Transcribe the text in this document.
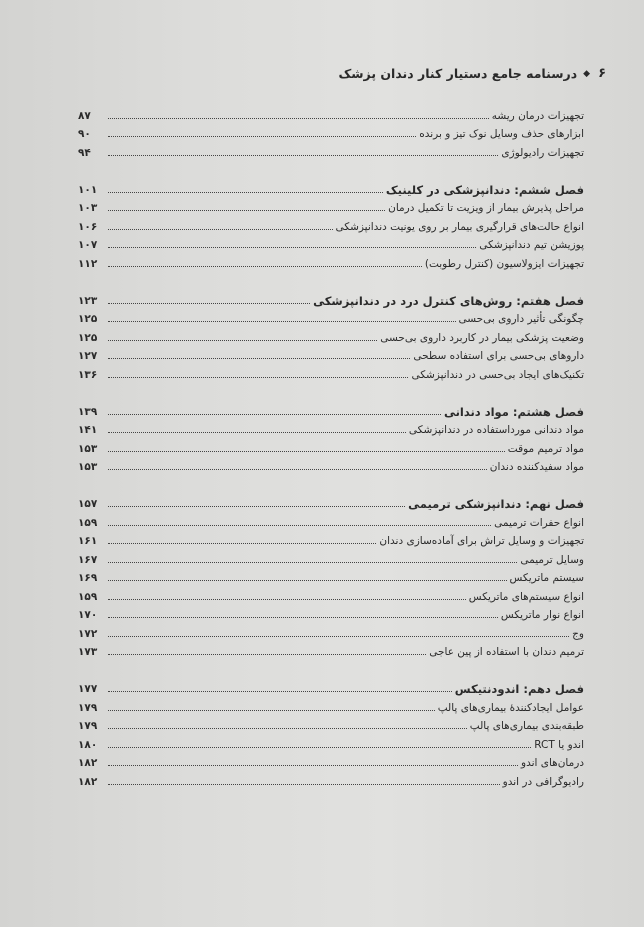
۶
◆
درسنامه جامع دستیار کنار دندان پزشک
تجهیزات درمان ریشه
۸۷
ابزارهای حذف وسایل نوک تیز و برنده
۹۰
تجهیزات رادیولوژی
۹۴
فصل ششم: دندانپزشکی در کلینیک
۱۰۱
مراحل پذیرش بیمار از ویزیت تا تکمیل درمان
۱۰۳
انواع حالت‌های قرارگیری بیمار بر روی یونیت دندانپزشکی
۱۰۶
پوزیشن تیم دندانپزشکی
۱۰۷
تجهیزات ایزولاسیون (کنترل رطوبت)
۱۱۲
فصل هفتم: روش‌های کنترل درد در دندانپزشکی
۱۲۳
چگونگی تأثیر داروی بی‌حسی
۱۲۵
وضعیت پزشکی بیمار در کاربرد داروی بی‌حسی
۱۲۵
داروهای بی‌حسی برای استفاده سطحی
۱۲۷
تکنیک‌های ایجاد بی‌حسی در دندانپزشکی
۱۳۶
فصل هشتم: مواد دندانی
۱۳۹
مواد دندانی مورداستفاده در دندانپزشکی
۱۴۱
مواد ترمیم موقت
۱۵۳
مواد سفیدکننده دندان
۱۵۳
فصل نهم: دندانپزشکی ترمیمی
۱۵۷
انواع حفرات ترمیمی
۱۵۹
تجهیزات و وسایل تراش برای آماده‌سازی دندان
۱۶۱
وسایل ترمیمی
۱۶۷
سیستم ماتریکس
۱۶۹
انواع سیستم‌های ماتریکس
۱۵۹
انواع نوار ماتریکس
۱۷۰
وج
۱۷۲
ترمیم دندان با استفاده از پین عاجی
۱۷۳
فصل دهم: اندودنتیکس
۱۷۷
عوامل ایجادکنندهٔ بیماری‌های پالپ
۱۷۹
طبقه‌بندی بیماری‌های پالپ
۱۷۹
اندو یا RCT
۱۸۰
درمان‌های اندو
۱۸۲
رادیوگرافی در اندو
۱۸۲
